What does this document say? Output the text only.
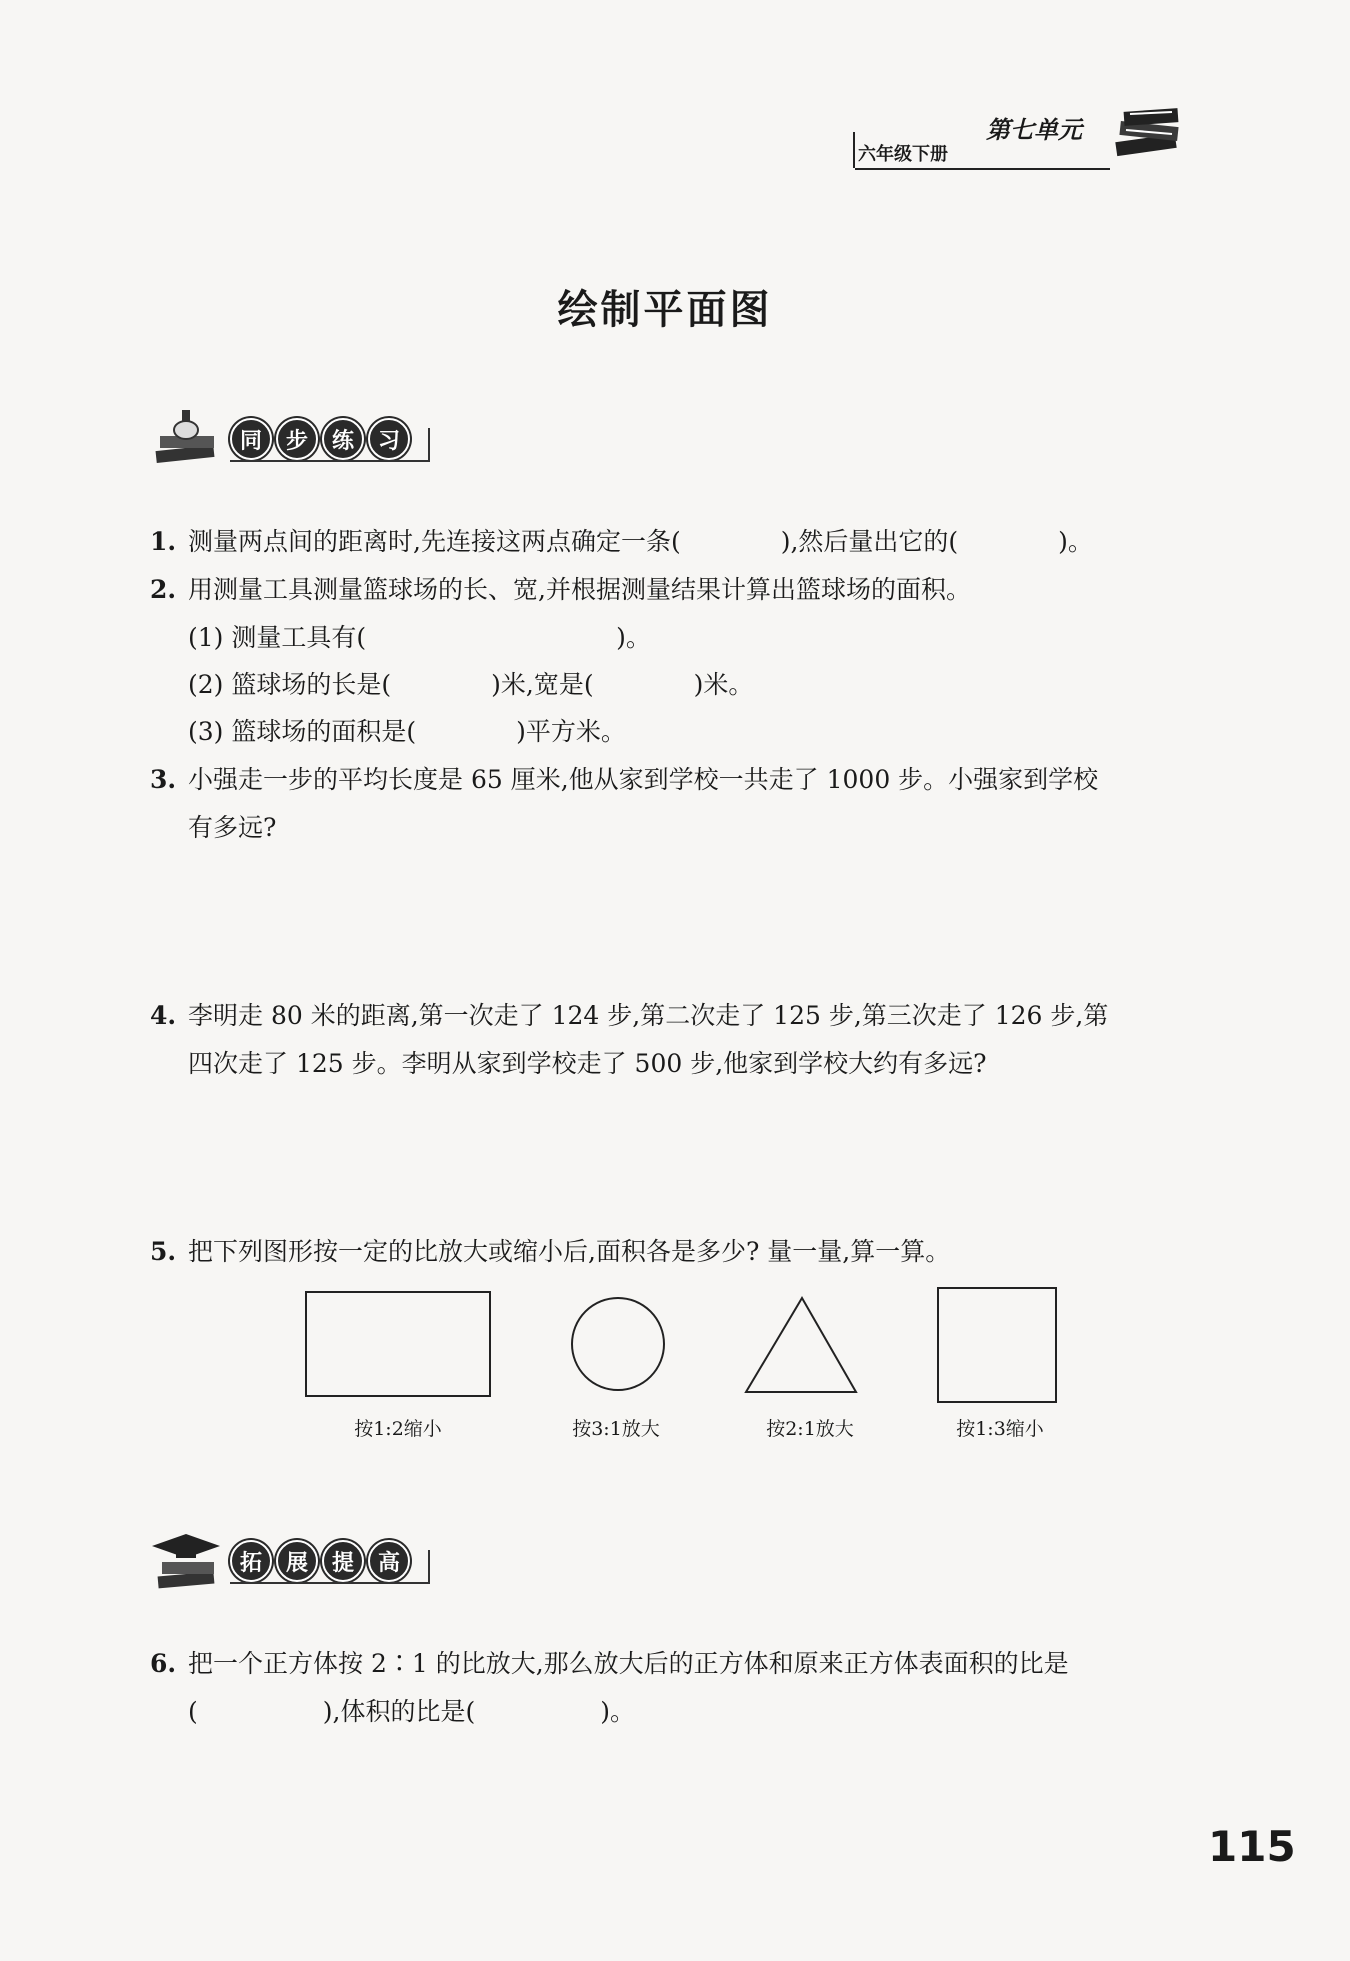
六年级下册
第七单元
绘制平面图
同	步	练	习
1. 测量两点间的距离时,先连接这两点确定一条(　　　　),然后量出它的(　　　　)。
2. 用测量工具测量篮球场的长、宽,并根据测量结果计算出篮球场的面积。
(1) 测量工具有(　　　　　　　　　　)。
(2) 篮球场的长是(　　　　)米,宽是(　　　　)米。
(3) 篮球场的面积是(　　　　)平方米。
3. 小强走一步的平均长度是 65 厘米,他从家到学校一共走了 1000 步。小强家到学校
有多远?
4. 李明走 80 米的距离,第一次走了 124 步,第二次走了 125 步,第三次走了 126 步,第
四次走了 125 步。李明从家到学校走了 500 步,他家到学校大约有多远?
5. 把下列图形按一定的比放大或缩小后,面积各是多少? 量一量,算一算。
按1:2缩小	按3:1放大	按2:1放大	按1:3缩小
拓	展	提	高
6. 把一个正方体按 2∶1 的比放大,那么放大后的正方体和原来正方体表面积的比是
(　　　　　),体积的比是(　　　　　)。
115
